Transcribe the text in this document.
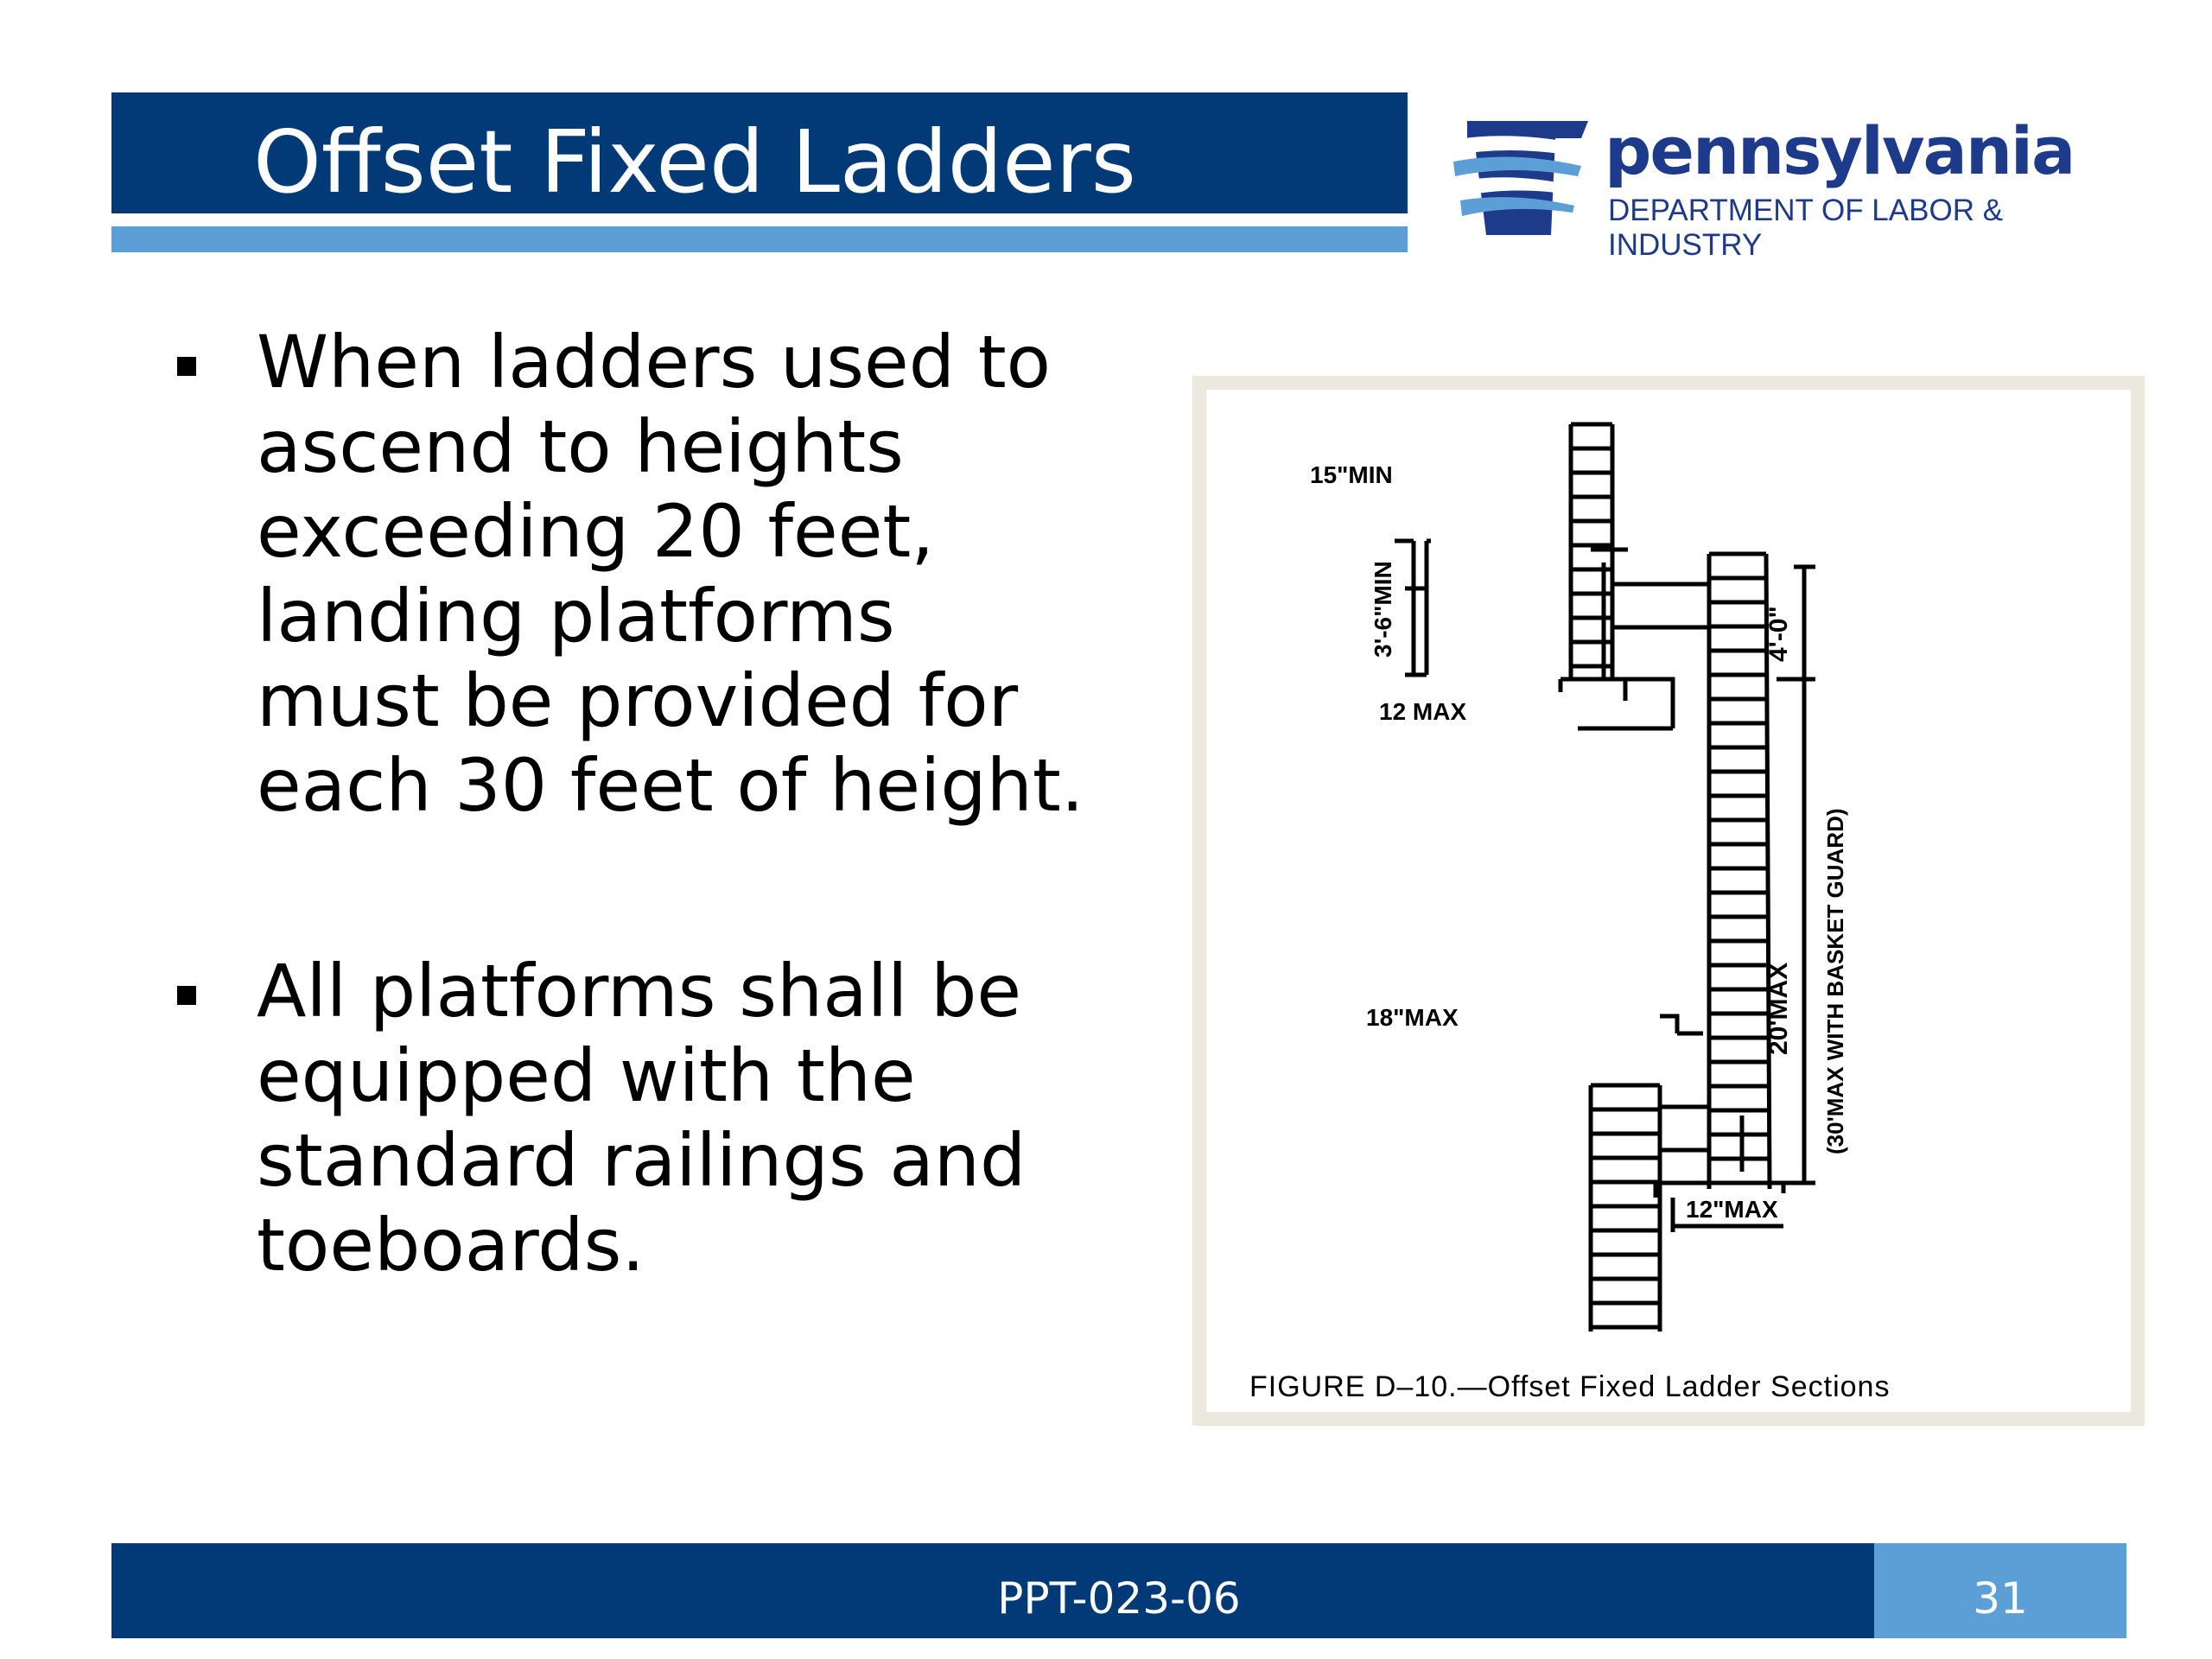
Offset Fixed Ladders	pennsylvania
DEPARTMENT OF LABOR & INDUSTRY
When ladders used to ascend to heights exceeding 20 feet, landing platforms must be provided for each 30 feet of height.
All platforms shall be equipped with the standard railings and toeboards.
15"MIN
3'-6"MIN
12 MAX
4'-0"
20'MAX (30'MAX WITH BASKET GUARD)
18"MAX
12"MAX
FIGURE D–10.—Offset Fixed Ladder Sections
PPT-023-06	31
